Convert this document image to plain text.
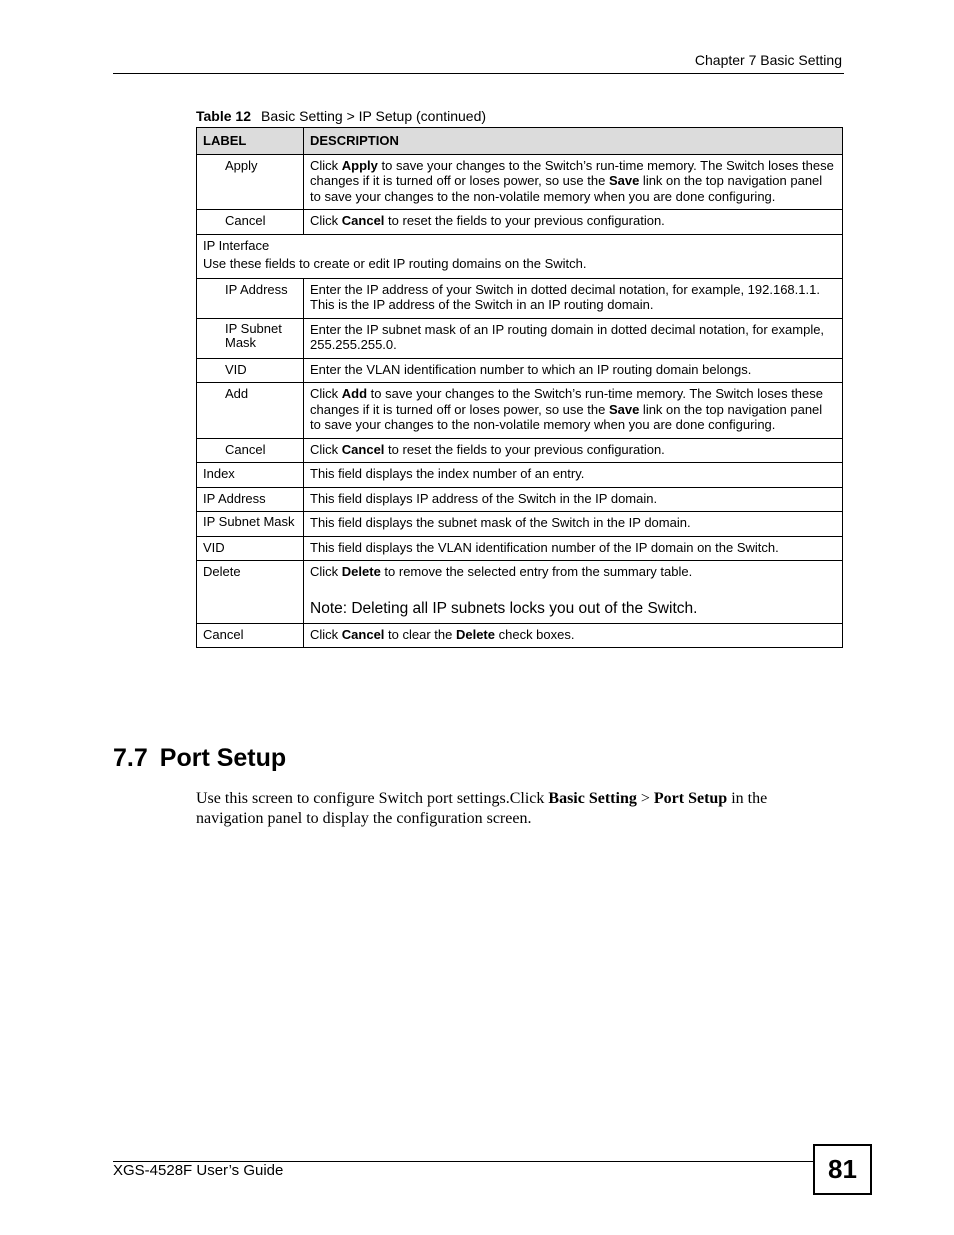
Chapter 7 Basic Setting
Table 12 Basic Setting > IP Setup (continued)
LABEL	DESCRIPTION
Apply	Click Apply to save your changes to the Switch’s run-time memory. The Switch loses these changes if it is turned off or loses power, so use the Save link on the top navigation panel to save your changes to the non-volatile memory when you are done configuring.
Cancel	Click Cancel to reset the fields to your previous configuration.

IP Interface
Use these fields to create or edit IP routing domains on the Switch.	

IP Address	Enter the IP address of your Switch in dotted decimal notation, for example, 192.168.1.1. This is the IP address of the Switch in an IP routing domain.
IP Subnet Mask	Enter the IP subnet mask of an IP routing domain in dotted decimal notation, for example, 255.255.255.0.
VID	Enter the VLAN identification number to which an IP routing domain belongs.
Add	Click Add to save your changes to the Switch’s run-time memory. The Switch loses these changes if it is turned off or loses power, so use the Save link on the top navigation panel to save your changes to the non-volatile memory when you are done configuring.
Cancel	Click Cancel to reset the fields to your previous configuration.
Index	This field displays the index number of an entry.
IP Address	This field displays IP address of the Switch in the IP domain.
IP Subnet Mask	This field displays the subnet mask of the Switch in the IP domain.
VID	This field displays the VLAN identification number of the IP domain on the Switch.
Delete	Click Delete to remove the selected entry from the summary table.
Note: Deleting all IP subnets locks you out of the Switch.

Cancel	Click Cancel to clear the Delete check boxes.
7.7 Port Setup
Use this screen to configure Switch port settings.Click Basic Setting > Port Setup in the navigation panel to display the configuration screen.
XGS-4528F User’s Guide	81
